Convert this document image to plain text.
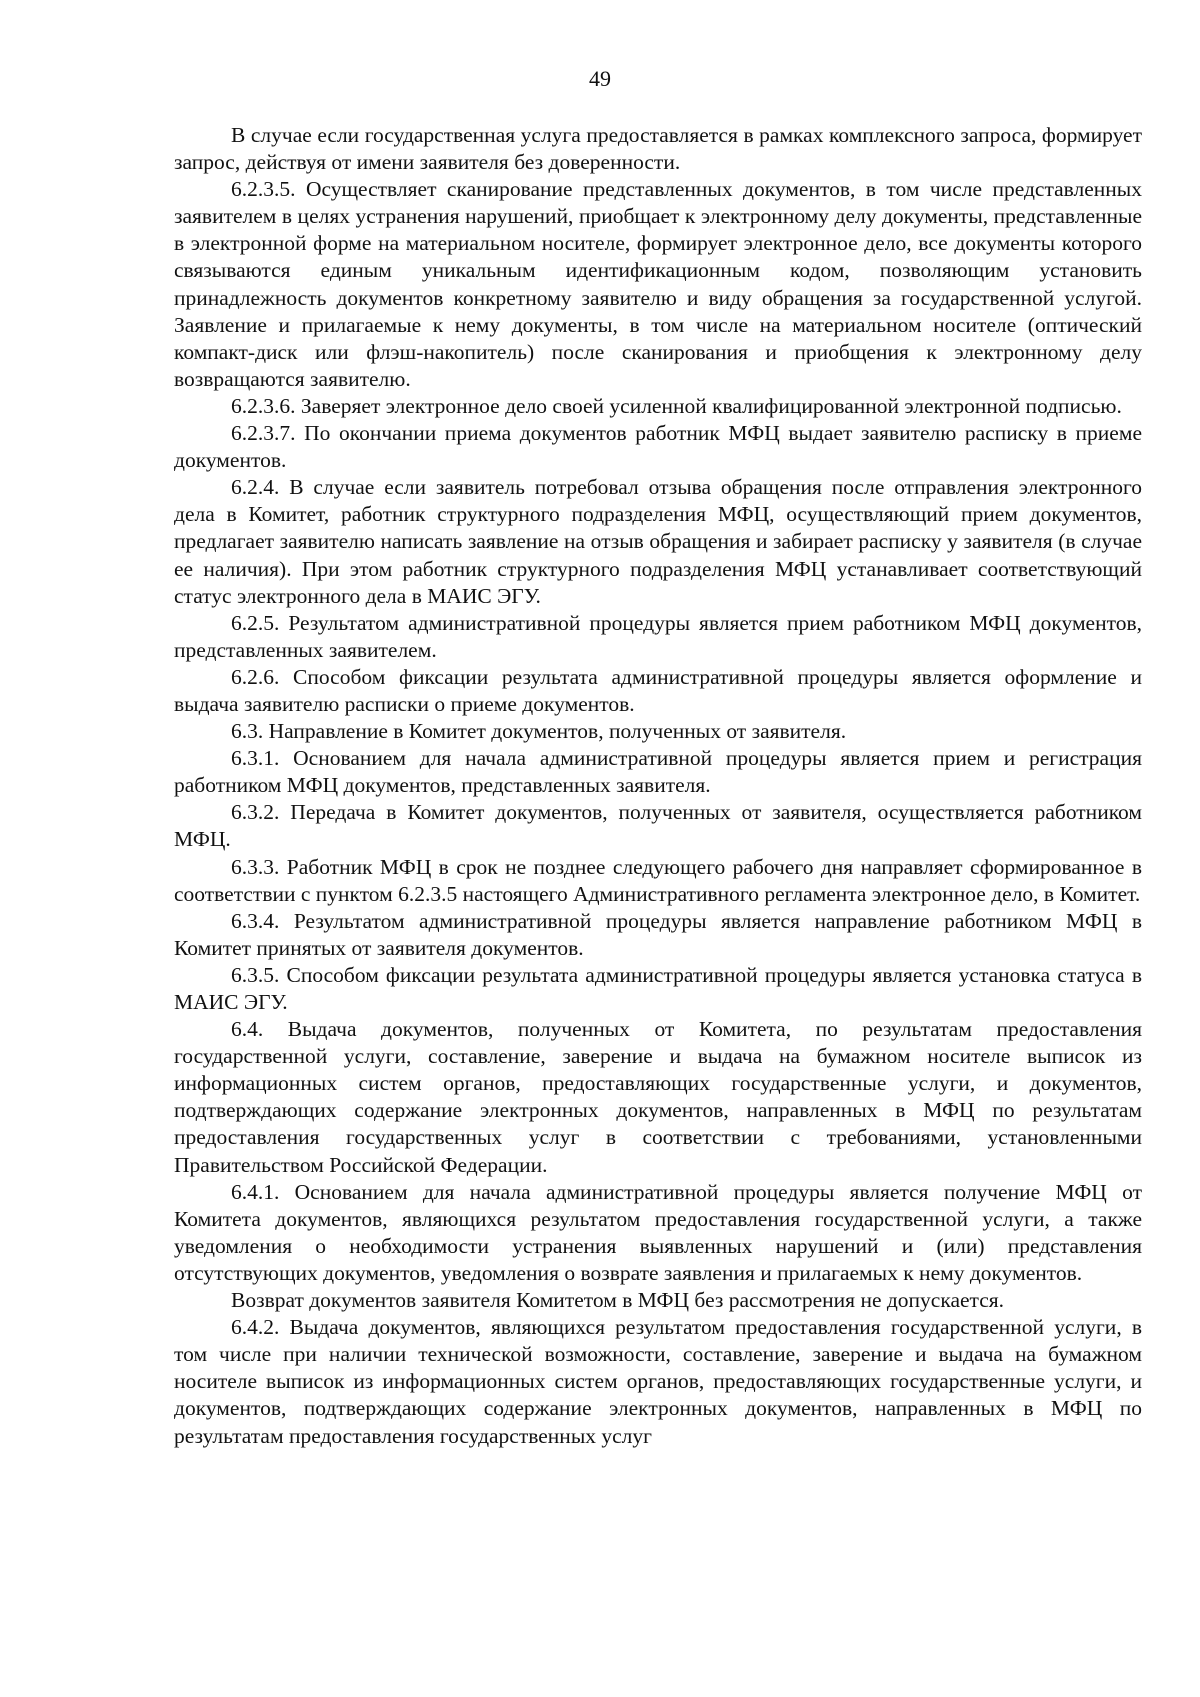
49

В случае если государственная услуга предоставляется в рамках комплексного запроса, формирует запрос, действуя от имени заявителя без доверенности.

6.2.3.5. Осуществляет сканирование представленных документов, в том числе представленных заявителем в целях устранения нарушений, приобщает к электронному делу документы, представленные в электронной форме на материальном носителе, формирует электронное дело, все документы которого связываются единым уникальным идентификационным кодом, позволяющим установить принадлежность документов конкретному заявителю и виду обращения за государственной услугой. Заявление и прилагаемые к нему документы, в том числе на материальном носителе (оптический компакт-диск или флэш-накопитель) после сканирования и приобщения к электронному делу возвращаются заявителю.

6.2.3.6. Заверяет электронное дело своей усиленной квалифицированной электронной подписью.

6.2.3.7. По окончании приема документов работник МФЦ выдает заявителю расписку в приеме документов.

6.2.4. В случае если заявитель потребовал отзыва обращения после отправления электронного дела в Комитет, работник структурного подразделения МФЦ, осуществляющий прием документов, предлагает заявителю написать заявление на отзыв обращения и забирает расписку у заявителя (в случае ее наличия). При этом работник структурного подразделения МФЦ устанавливает соответствующий статус электронного дела в МАИС ЭГУ.

6.2.5. Результатом административной процедуры является прием работником МФЦ документов, представленных заявителем.

6.2.6. Способом фиксации результата административной процедуры является оформление и выдача заявителю расписки о приеме документов.

6.3. Направление в Комитет документов, полученных от заявителя.

6.3.1. Основанием для начала административной процедуры является прием и регистрация работником МФЦ документов, представленных заявителя.

6.3.2. Передача в Комитет документов, полученных от заявителя, осуществляется работником МФЦ.

6.3.3. Работник МФЦ в срок не позднее следующего рабочего дня направляет сформированное в соответствии с пунктом 6.2.3.5 настоящего Административного регламента электронное дело, в Комитет.

6.3.4. Результатом административной процедуры является направление работником МФЦ в Комитет принятых от заявителя документов.

6.3.5. Способом фиксации результата административной процедуры является установка статуса в МАИС ЭГУ.

6.4. Выдача документов, полученных от Комитета, по результатам предоставления государственной услуги, составление, заверение и выдача на бумажном носителе выписок из информационных систем органов, предоставляющих государственные услуги, и документов, подтверждающих содержание электронных документов, направленных в МФЦ по результатам предоставления государственных услуг в соответствии с требованиями, установленными Правительством Российской Федерации.

6.4.1. Основанием для начала административной процедуры является получение МФЦ от Комитета документов, являющихся результатом предоставления государственной услуги, а также уведомления о необходимости устранения выявленных нарушений и (или) представления отсутствующих документов, уведомления о возврате заявления и прилагаемых к нему документов.

Возврат документов заявителя Комитетом в МФЦ без рассмотрения не допускается.

6.4.2. Выдача документов, являющихся результатом предоставления государственной услуги, в том числе при наличии технической возможности, составление, заверение и выдача на бумажном носителе выписок из информационных систем органов, предоставляющих государственные услуги, и документов, подтверждающих содержание электронных документов, направленных в МФЦ по результатам предоставления государственных услуг
